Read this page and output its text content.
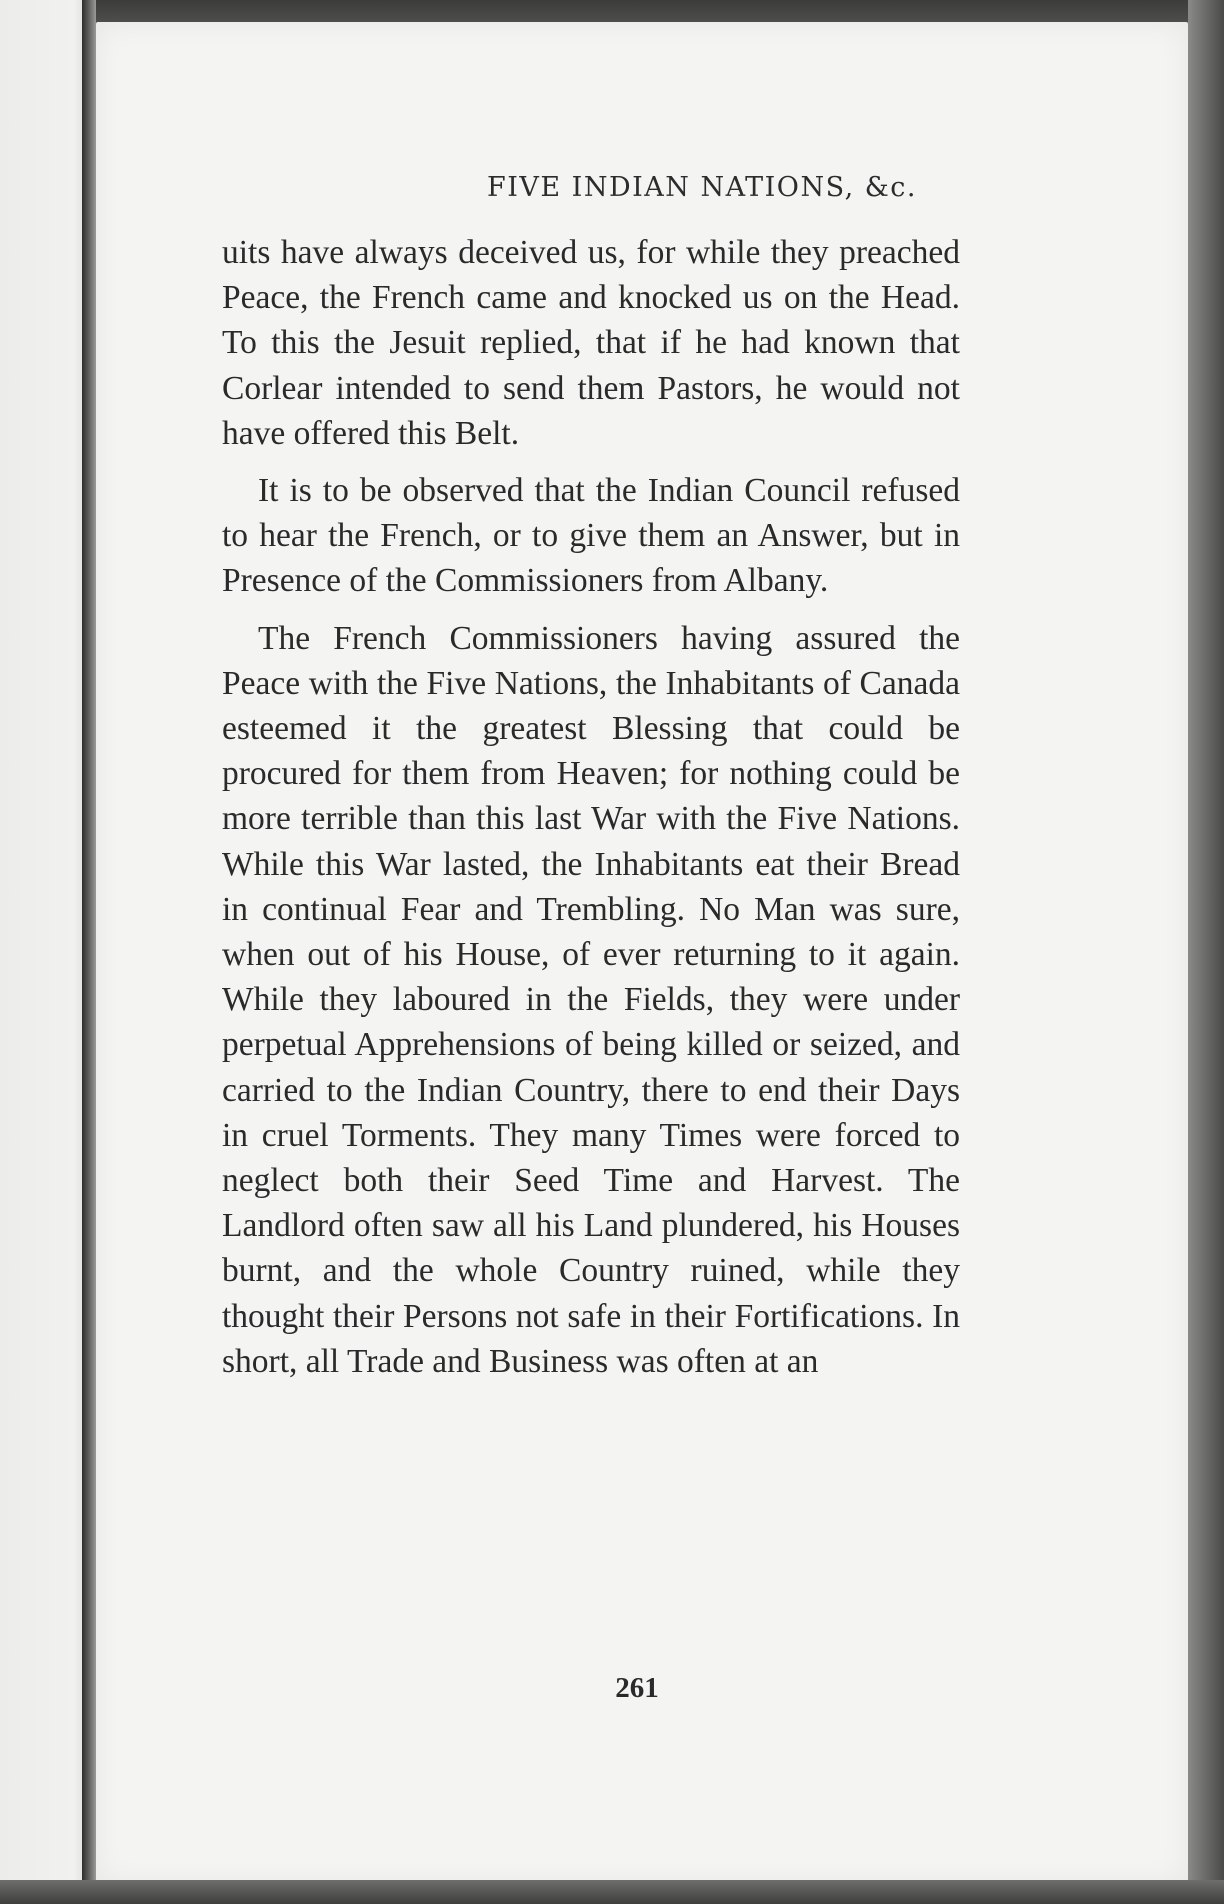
FIVE INDIAN NATIONS, &c.

uits have always deceived us, for while they preached Peace, the French came and knocked us on the Head. To this the Jesuit replied, that if he had known that Corlear intended to send them Pastors, he would not have offered this Belt.

It is to be observed that the Indian Council refused to hear the French, or to give them an Answer, but in Presence of the Commissioners from Albany.

The French Commissioners having assured the Peace with the Five Nations, the Inhabitants of Canada esteemed it the greatest Blessing that could be procured for them from Heaven; for nothing could be more terrible than this last War with the Five Nations. While this War lasted, the Inhabitants eat their Bread in continual Fear and Trembling. No Man was sure, when out of his House, of ever returning to it again. While they laboured in the Fields, they were under perpetual Apprehensions of being killed or seized, and carried to the Indian Country, there to end their Days in cruel Torments. They many Times were forced to neglect both their Seed Time and Harvest. The Landlord often saw all his Land plundered, his Houses burnt, and the whole Country ruined, while they thought their Persons not safe in their Fortifications. In short, all Trade and Business was often at an

261
